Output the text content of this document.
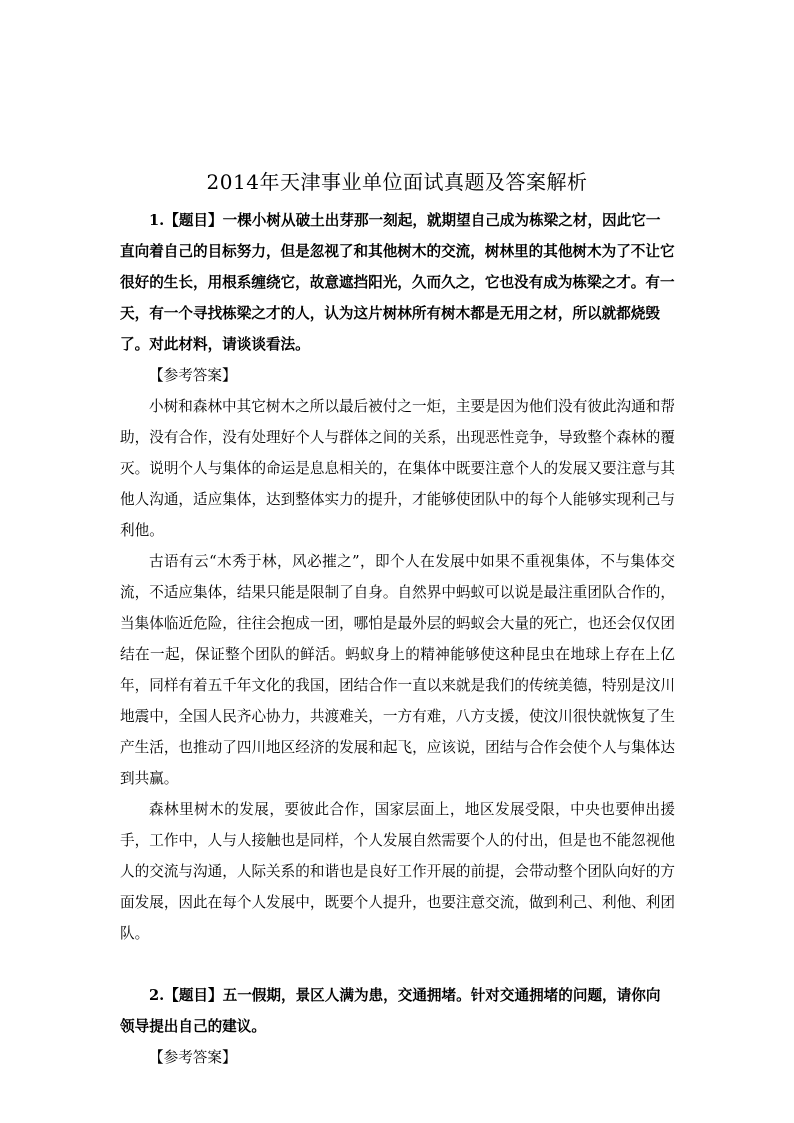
2014年天津事业单位面试真题及答案解析

1.【题目】一棵小树从破土出芽那一刻起，就期望自己成为栋梁之材，因此它一直向着自己的目标努力，但是忽视了和其他树木的交流，树林里的其他树木为了不让它很好的生长，用根系缠绕它，故意遮挡阳光，久而久之，它也没有成为栋梁之才。有一天，有一个寻找栋梁之才的人，认为这片树林所有树木都是无用之材，所以就都烧毁了。对此材料，请谈谈看法。

【参考答案】

小树和森林中其它树木之所以最后被付之一炬，主要是因为他们没有彼此沟通和帮助，没有合作，没有处理好个人与群体之间的关系，出现恶性竞争，导致整个森林的覆灭。说明个人与集体的命运是息息相关的，在集体中既要注意个人的发展又要注意与其他人沟通，适应集体，达到整体实力的提升，才能够使团队中的每个人能够实现利己与利他。

古语有云“木秀于林，风必摧之”，即个人在发展中如果不重视集体，不与集体交流，不适应集体，结果只能是限制了自身。自然界中蚂蚁可以说是最注重团队合作的，当集体临近危险，往往会抱成一团，哪怕是最外层的蚂蚁会大量的死亡，也还会仅仅团结在一起，保证整个团队的鲜活。蚂蚁身上的精神能够使这种昆虫在地球上存在上亿年，同样有着五千年文化的我国，团结合作一直以来就是我们的传统美德，特别是汶川地震中，全国人民齐心协力，共渡难关，一方有难，八方支援，使汶川很快就恢复了生产生活，也推动了四川地区经济的发展和起飞，应该说，团结与合作会使个人与集体达到共赢。

森林里树木的发展，要彼此合作，国家层面上，地区发展受限，中央也要伸出援手，工作中，人与人接触也是同样，个人发展自然需要个人的付出，但是也不能忽视他人的交流与沟通，人际关系的和谐也是良好工作开展的前提，会带动整个团队向好的方面发展，因此在每个人发展中，既要个人提升，也要注意交流，做到利己、利他、利团队。

2.【题目】五一假期，景区人满为患，交通拥堵。针对交通拥堵的问题，请你向领导提出自己的建议。

【参考答案】
